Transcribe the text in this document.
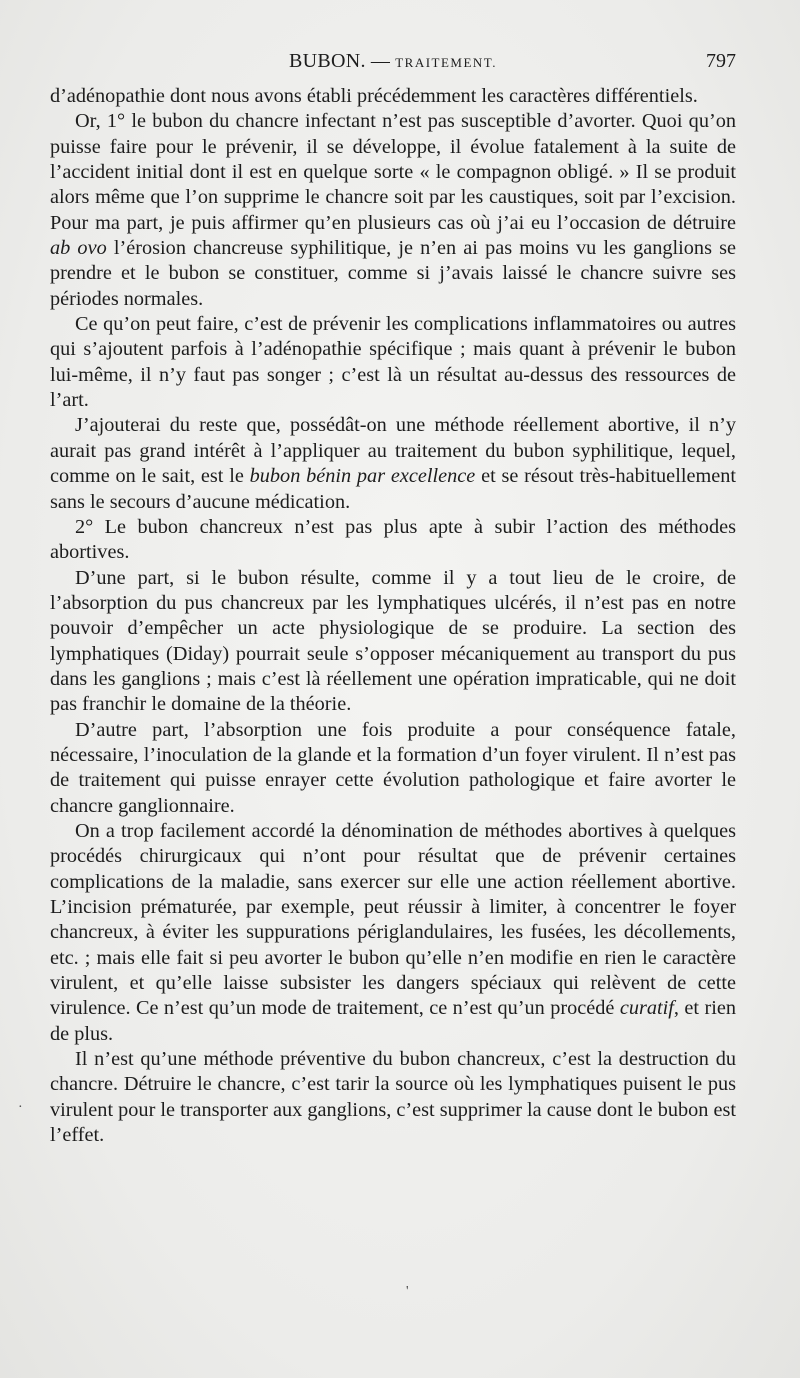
BUBON. — TRAITEMENT.	797

d’adénopathie dont nous avons établi précédemment les caractères différentiels.

Or, 1° le bubon du chancre infectant n’est pas susceptible d’avorter. Quoi qu’on puisse faire pour le prévenir, il se développe, il évolue fatalement à la suite de l’accident initial dont il est en quelque sorte « le compagnon obligé. » Il se produit alors même que l’on supprime le chancre soit par les caustiques, soit par l’excision. Pour ma part, je puis affirmer qu’en plusieurs cas où j’ai eu l’occasion de détruire ab ovo l’érosion chancreuse syphilitique, je n’en ai pas moins vu les ganglions se prendre et le bubon se constituer, comme si j’avais laissé le chancre suivre ses périodes normales.

Ce qu’on peut faire, c’est de prévenir les complications inflammatoires ou autres qui s’ajoutent parfois à l’adénopathie spécifique ; mais quant à prévenir le bubon lui-même, il n’y faut pas songer ; c’est là un résultat au-dessus des ressources de l’art.

J’ajouterai du reste que, possédât-on une méthode réellement abortive, il n’y aurait pas grand intérêt à l’appliquer au traitement du bubon syphilitique, lequel, comme on le sait, est le bubon bénin par excellence et se résout très-habituellement sans le secours d’aucune médication.

2° Le bubon chancreux n’est pas plus apte à subir l’action des méthodes abortives.

D’une part, si le bubon résulte, comme il y a tout lieu de le croire, de l’absorption du pus chancreux par les lymphatiques ulcérés, il n’est pas en notre pouvoir d’empêcher un acte physiologique de se produire. La section des lymphatiques (Diday) pourrait seule s’opposer mécaniquement au transport du pus dans les ganglions ; mais c’est là réellement une opération impraticable, qui ne doit pas franchir le domaine de la théorie.

D’autre part, l’absorption une fois produite a pour conséquence fatale, nécessaire, l’inoculation de la glande et la formation d’un foyer virulent. Il n’est pas de traitement qui puisse enrayer cette évolution pathologique et faire avorter le chancre ganglionnaire.

On a trop facilement accordé la dénomination de méthodes abortives à quelques procédés chirurgicaux qui n’ont pour résultat que de prévenir certaines complications de la maladie, sans exercer sur elle une action réellement abortive. L’incision prématurée, par exemple, peut réussir à limiter, à concentrer le foyer chancreux, à éviter les suppurations périglandulaires, les fusées, les décollements, etc. ; mais elle fait si peu avorter le bubon qu’elle n’en modifie en rien le caractère virulent, et qu’elle laisse subsister les dangers spéciaux qui relèvent de cette virulence. Ce n’est qu’un mode de traitement, ce n’est qu’un procédé curatif, et rien de plus.

Il n’est qu’une méthode préventive du bubon chancreux, c’est la destruction du chancre. Détruire le chancre, c’est tarir la source où les lymphatiques puisent le pus virulent pour le transporter aux ganglions, c’est supprimer la cause dont le bubon est l’effet.

'
·
